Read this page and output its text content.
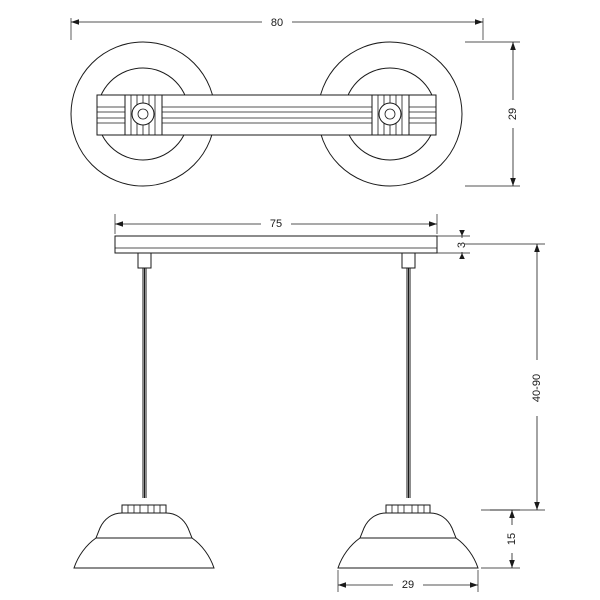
80
29
75
3
40-90
15
29
